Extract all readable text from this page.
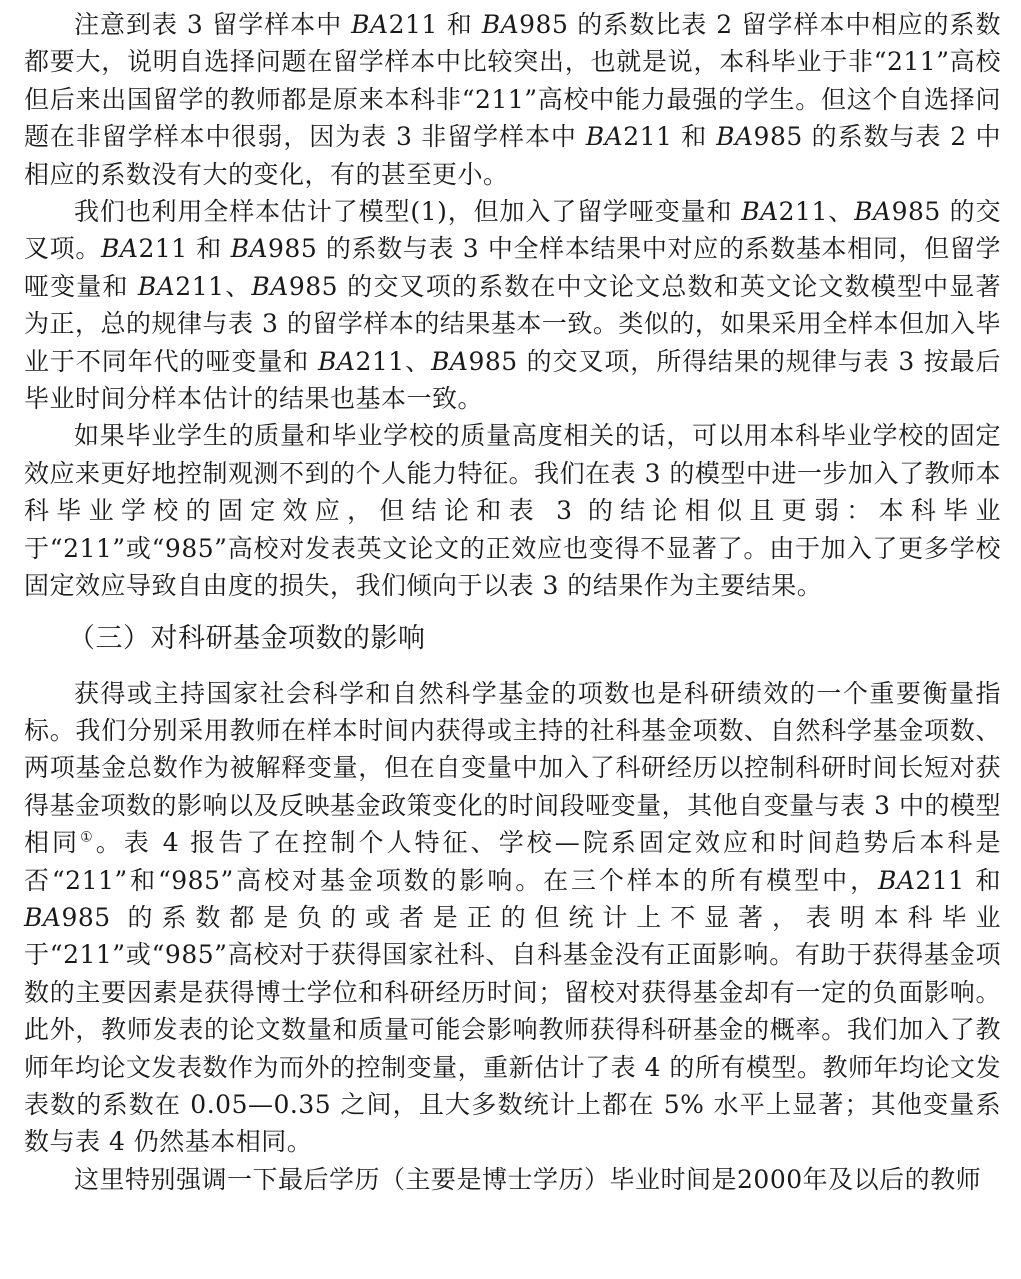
注意到表 3 留学样本中 BA211 和 BA985 的系数比表 2 留学样本中相应的系数都要大，说明自选择问题在留学样本中比较突出，也就是说，本科毕业于非“211”高校但后来出国留学的教师都是原来本科非“211”高校中能力最强的学生。但这个自选择问题在非留学样本中很弱，因为表 3 非留学样本中 BA211 和 BA985 的系数与表 2 中相应的系数没有大的变化，有的甚至更小。

我们也利用全样本估计了模型(1)，但加入了留学哑变量和 BA211、BA985 的交叉项。BA211 和 BA985 的系数与表 3 中全样本结果中对应的系数基本相同，但留学哑变量和 BA211、BA985 的交叉项的系数在中文论文总数和英文论文数模型中显著为正，总的规律与表 3 的留学样本的结果基本一致。类似的，如果采用全样本但加入毕业于不同年代的哑变量和 BA211、BA985 的交叉项，所得结果的规律与表 3 按最后毕业时间分样本估计的结果也基本一致。

如果毕业学生的质量和毕业学校的质量高度相关的话，可以用本科毕业学校的固定效应来更好地控制观测不到的个人能力特征。我们在表 3 的模型中进一步加入了教师本科毕业学校的固定效应，但结论和表 3 的结论相似且更弱：本科毕业于“211”或“985”高校对发表英文论文的正效应也变得不显著了。由于加入了更多学校固定效应导致自由度的损失，我们倾向于以表 3 的结果作为主要结果。

（三）对科研基金项数的影响

获得或主持国家社会科学和自然科学基金的项数也是科研绩效的一个重要衡量指标。我们分别采用教师在样本时间内获得或主持的社科基金项数、自然科学基金项数、两项基金总数作为被解释变量，但在自变量中加入了科研经历以控制科研时间长短对获得基金项数的影响以及反映基金政策变化的时间段哑变量，其他自变量与表 3 中的模型相同①。表 4 报告了在控制个人特征、学校—院系固定效应和时间趋势后本科是否“211”和“985”高校对基金项数的影响。在三个样本的所有模型中，BA211 和 BA985 的系数都是负的或者是正的但统计上不显著，表明本科毕业于“211”或“985”高校对于获得国家社科、自科基金没有正面影响。有助于获得基金项数的主要因素是获得博士学位和科研经历时间；留校对获得基金却有一定的负面影响。此外，教师发表的论文数量和质量可能会影响教师获得科研基金的概率。我们加入了教师年均论文发表数作为而外的控制变量，重新估计了表 4 的所有模型。教师年均论文发表数的系数在 0.05—0.35 之间，且大多数统计上都在 5% 水平上显著；其他变量系数与表 4 仍然基本相同。

这里特别强调一下最后学历（主要是博士学历）毕业时间是2000年及以后的教师
